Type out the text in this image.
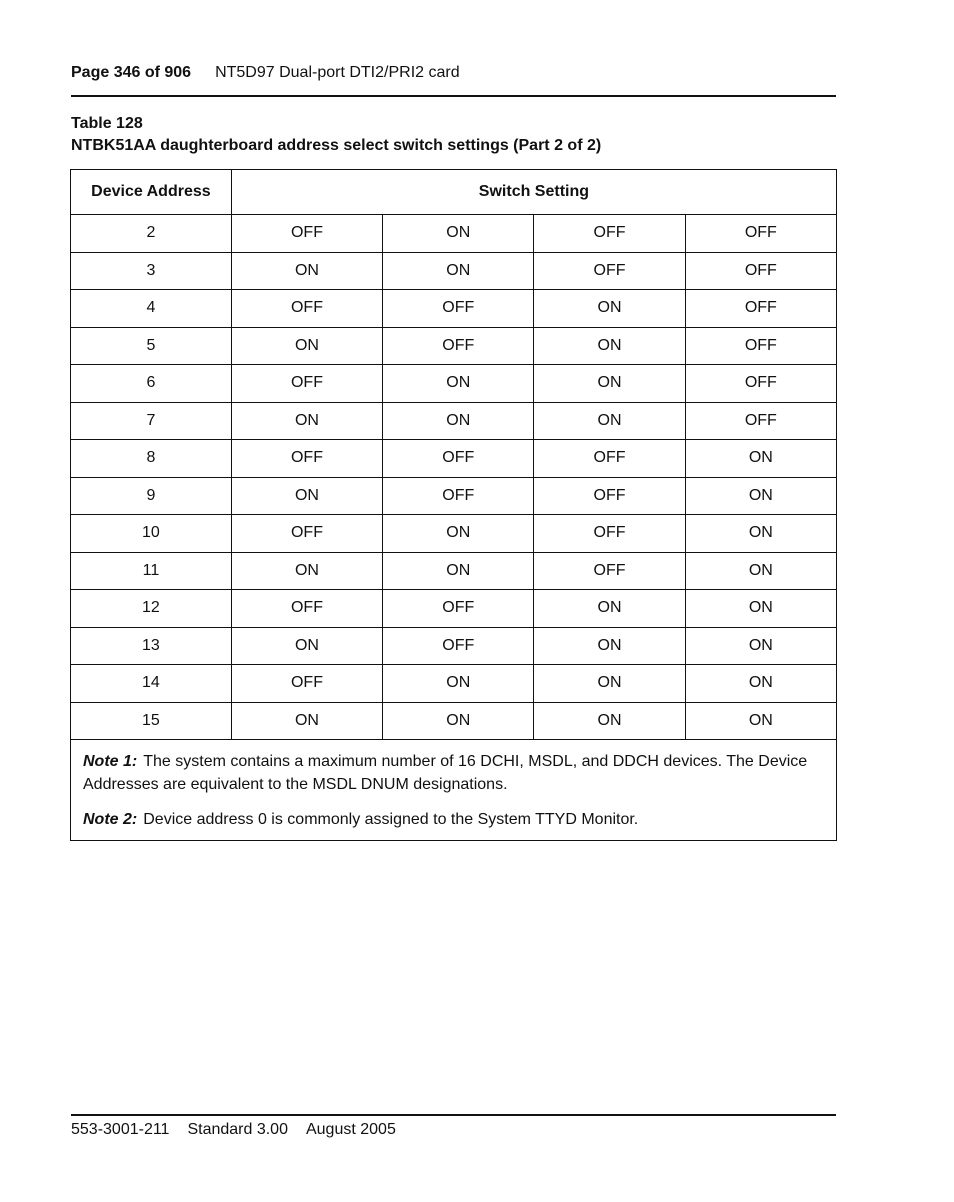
Page 346 of 906 NT5D97 Dual-port DTI2/PRI2 card
Table 128
NTBK51AA daughterboard address select switch settings (Part 2 of 2)
Device Address	Switch Setting			
2	OFF	ON	OFF	OFF
3	ON	ON	OFF	OFF
4	OFF	OFF	ON	OFF
5	ON	OFF	ON	OFF
6	OFF	ON	ON	OFF
7	ON	ON	ON	OFF
8	OFF	OFF	OFF	ON
9	ON	OFF	OFF	ON
10	OFF	ON	OFF	ON
11	ON	ON	OFF	ON
12	OFF	OFF	ON	ON
13	ON	OFF	ON	ON
14	OFF	ON	ON	ON
15	ON	ON	ON	ON

Note 1: The system contains a maximum number of 16 DCHI, MSDL, and DDCH devices. The Device Addresses are equivalent to the MSDL DNUM designations.

Note 2: Device address 0 is commonly assigned to the System TTYD Monitor.				

553-3001-211 Standard 3.00 August 2005
